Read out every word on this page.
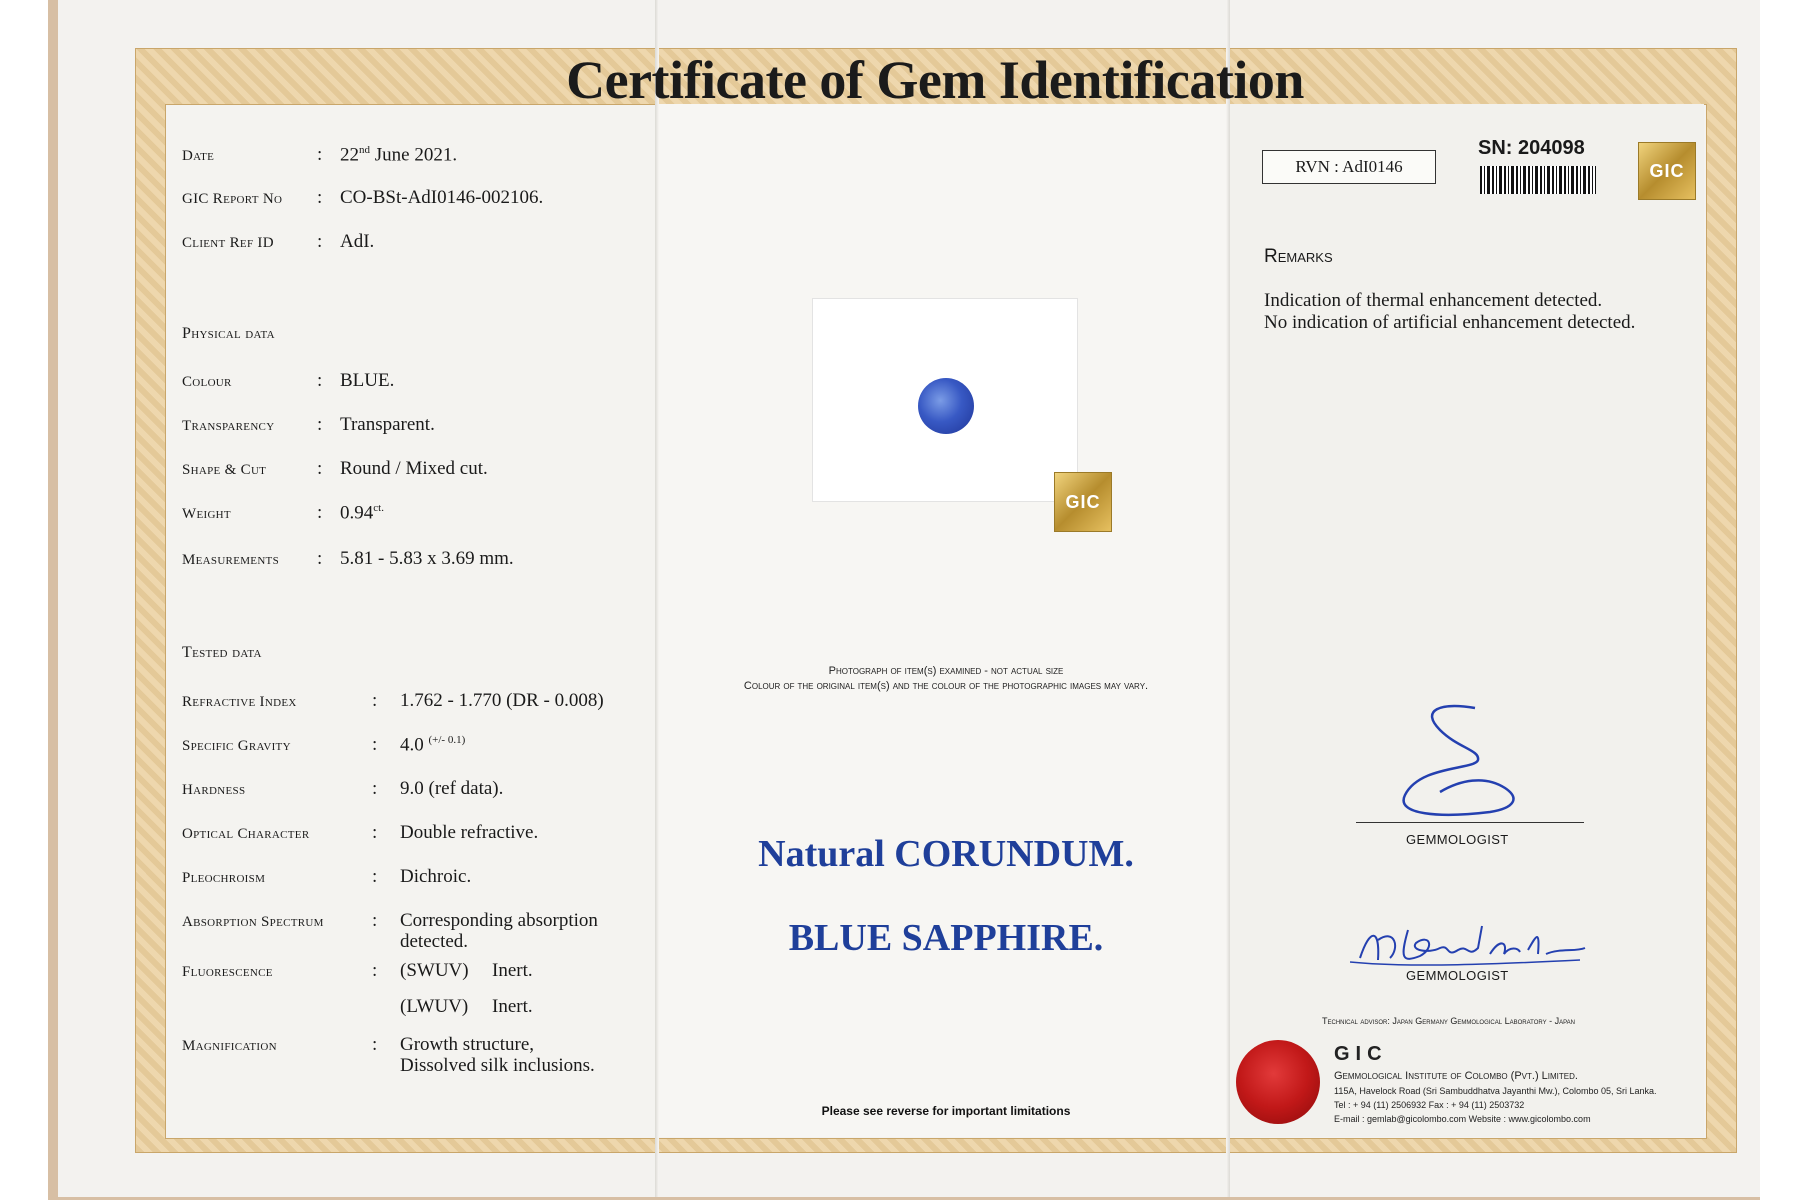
Certificate of Gem Identification
Date	: 22nd June 2021.
GIC Report No : CO-BSt-AdI0146-002106.
Client Ref ID : AdI.
Physical data
Colour	: BLUE.
Transparency : Transparent.
Shape & Cut	: Round / Mixed cut.
Weight	: $0.94^{ct.}$
Measurements : 5.81 - 5.83 x 3.69 mm.
Tested data
Refractive Index	: 1.762 - 1.770 (DR - 0.008)
Specific Gravity	: 4.0 $^{(+/- 0.1)}$
Hardness	: 9.0 (ref data).
Optical Character	: Double refractive.
Pleochroism	: Dichroic.
Absorption Spectrum	: Corresponding absorption
detected.
Fluorescence	: (SWUV) Inert.
(LWUV) Inert.
Magnification	: Growth structure,
Dissolved silk inclusions.
GIC
Photograph of item(s) examined - not actual size
Colour of the original item(s) and the colour of the photographic images may vary.
Natural CORUNDUM.
BLUE SAPPHIRE.
Please see reverse for important limitations
RVN : AdI0146
SN: 204098
GIC
Remarks
Indication of thermal enhancement detected.
No indication of artificial enhancement detected.
GEMMOLOGIST
GEMMOLOGIST
Technical advisor: Japan Germany Gemmological Laboratory - Japan
GIC
Gemmological Institute of Colombo (Pvt.) Limited.
115A, Havelock Road (Sri Sambuddhatva Jayanthi Mw.), Colombo 05, Sri Lanka.
Tel : + 94 (11) 2506932 Fax : + 94 (11) 2503732
E-mail : gemlab@gicolombo.com Website : www.gicolombo.com
